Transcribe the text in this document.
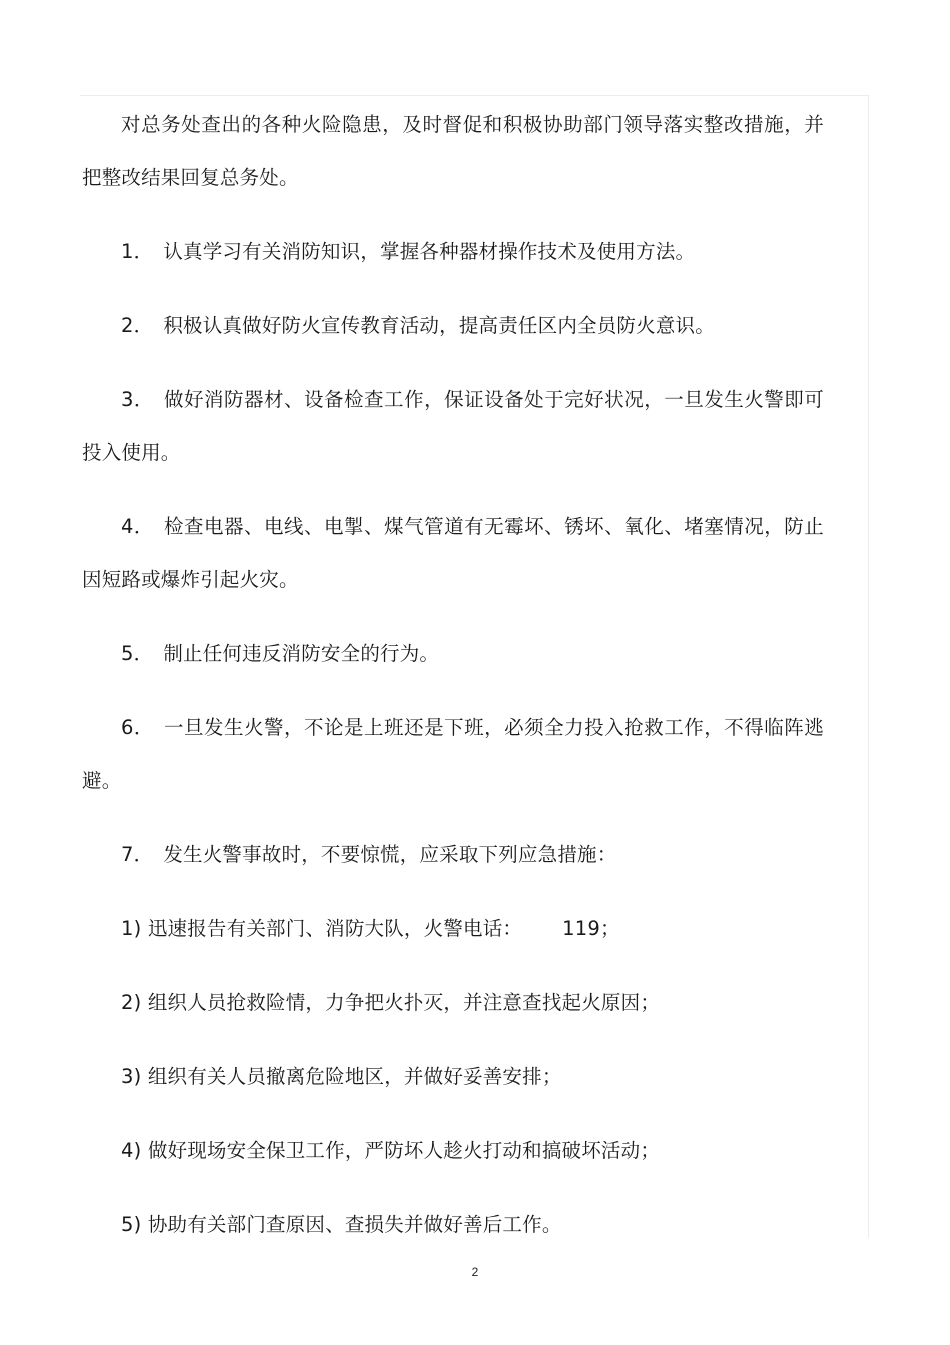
对总务处查出的各种火险隐患，及时督促和积极协助部门领导落实整改措施，并把整改结果回复总务处。

1． 认真学习有关消防知识，掌握各种器材操作技术及使用方法。

2． 积极认真做好防火宣传教育活动，提高责任区内全员防火意识。

3． 做好消防器材、设备检查工作，保证设备处于完好状况，一旦发生火警即可投入使用。

4． 检查电器、电线、电掣、煤气管道有无霉坏、锈坏、氧化、堵塞情况，防止因短路或爆炸引起火灾。

5． 制止任何违反消防安全的行为。

6． 一旦发生火警，不论是上班还是下班，必须全力投入抢救工作，不得临阵逃避。

7． 发生火警事故时，不要惊慌，应采取下列应急措施：

1) 迅速报告有关部门、消防大队，火警电话： 119；

2) 组织人员抢救险情，力争把火扑灭，并注意查找起火原因；

3) 组织有关人员撤离危险地区，并做好妥善安排；

4) 做好现场安全保卫工作，严防坏人趁火打动和搞破坏活动；

5) 协助有关部门查原因、查损失并做好善后工作。

2
